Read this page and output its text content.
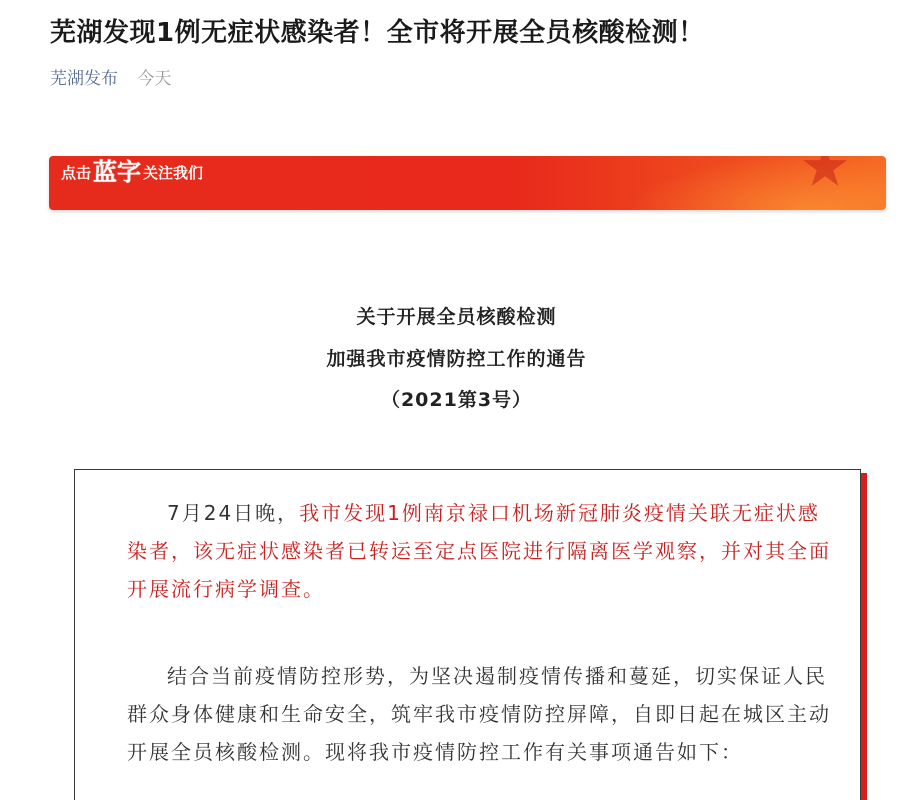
芜湖发现1例无症状感染者！全市将开展全员核酸检测！
芜湖发布 今天
点击蓝字 关注我们
关于开展全员核酸检测
加强我市疫情防控工作的通告
（2021第3号）

7月24日晚，我市发现1例南京禄口机场新冠肺炎疫情关联无症状感染者，该无症状感染者已转运至定点医院进行隔离医学观察，并对其全面开展流行病学调查。

结合当前疫情防控形势，为坚决遏制疫情传播和蔓延，切实保证人民群众身体健康和生命安全，筑牢我市疫情防控屏障，自即日起在城区主动开展全员核酸检测。现将我市疫情防控工作有关事项通告如下：
